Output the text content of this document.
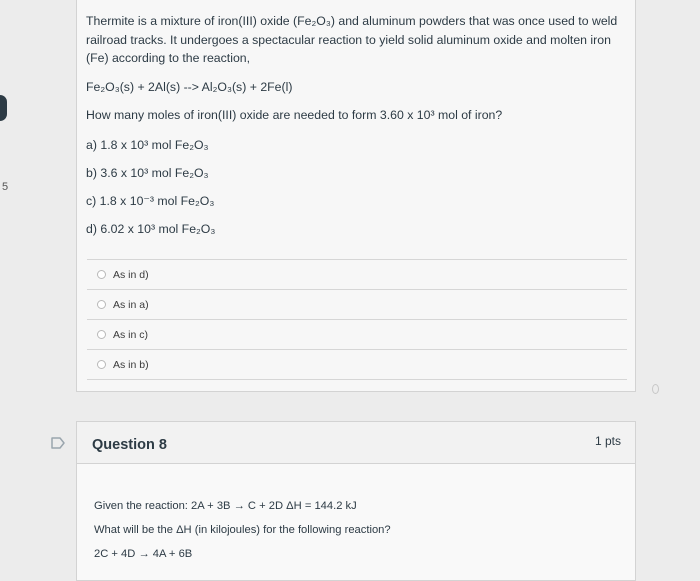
5

Thermite is a mixture of iron(III) oxide (Fe₂O₃) and aluminum powders that was once used to weld railroad tracks. It undergoes a spectacular reaction to yield solid aluminum oxide and molten iron (Fe) according to the reaction,

Fe₂O₃(s) + 2Al(s) --> Al₂O₃(s) + 2Fe(l)
How many moles of iron(III) oxide are needed to form 3.60 x 10³ mol of iron?
a) 1.8 x 10³ mol Fe₂O₃
b) 3.6 x 10³ mol Fe₂O₃
c) 1.8 x 10⁻³ mol Fe₂O₃
d) 6.02 x 10³ mol Fe₂O₃
As in d)
As in a)
As in c)
As in b)
Question 8	1 pts

Given the reaction: 2A + 3B → C + 2D ΔH = 144.2 kJ

What will be the ΔH (in kilojoules) for the following reaction?

2C + 4D → 4A + 6B
